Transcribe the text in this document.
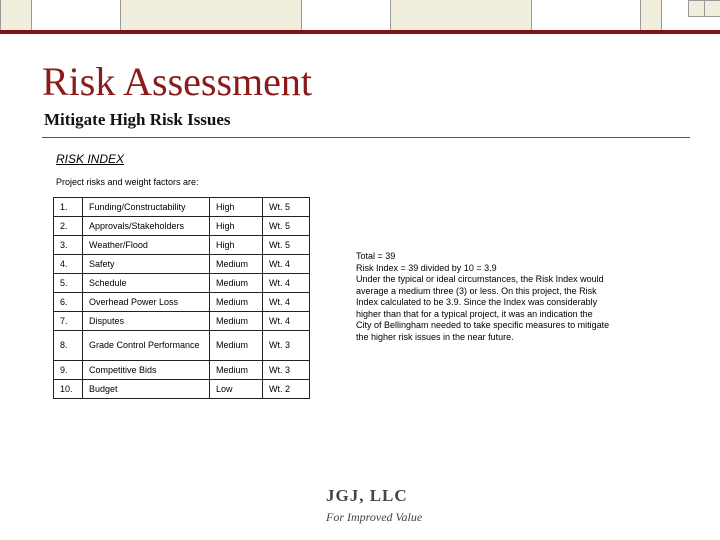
Risk Assessment
Mitigate High Risk Issues
RISK INDEX
Project risks and weight factors are:
1.	Funding/Constructability	High	Wt. 5
2.	Approvals/Stakeholders	High	Wt. 5
3.	Weather/Flood	High	Wt. 5
4.	Safety	Medium	Wt. 4
5.	Schedule	Medium	Wt. 4
6.	Overhead Power Loss	Medium	Wt. 4
7.	Disputes	Medium	Wt. 4
8.	Grade Control Performance	Medium	Wt. 3
9.	Competitive Bids	Medium	Wt. 3
10.	Budget	Low	Wt. 2
Total = 39
Risk Index = 39 divided by 10 = 3.9
Under the typical or ideal circumstances, the Risk Index would
average a medium three (3) or less. On this project, the Risk
Index calculated to be 3.9. Since the Index was considerably
higher than that for a typical project, it was an indication the
City of Bellingham needed to take specific measures to mitigate
the higher risk issues in the near future.
JGJ, LLC
For Improved Value
